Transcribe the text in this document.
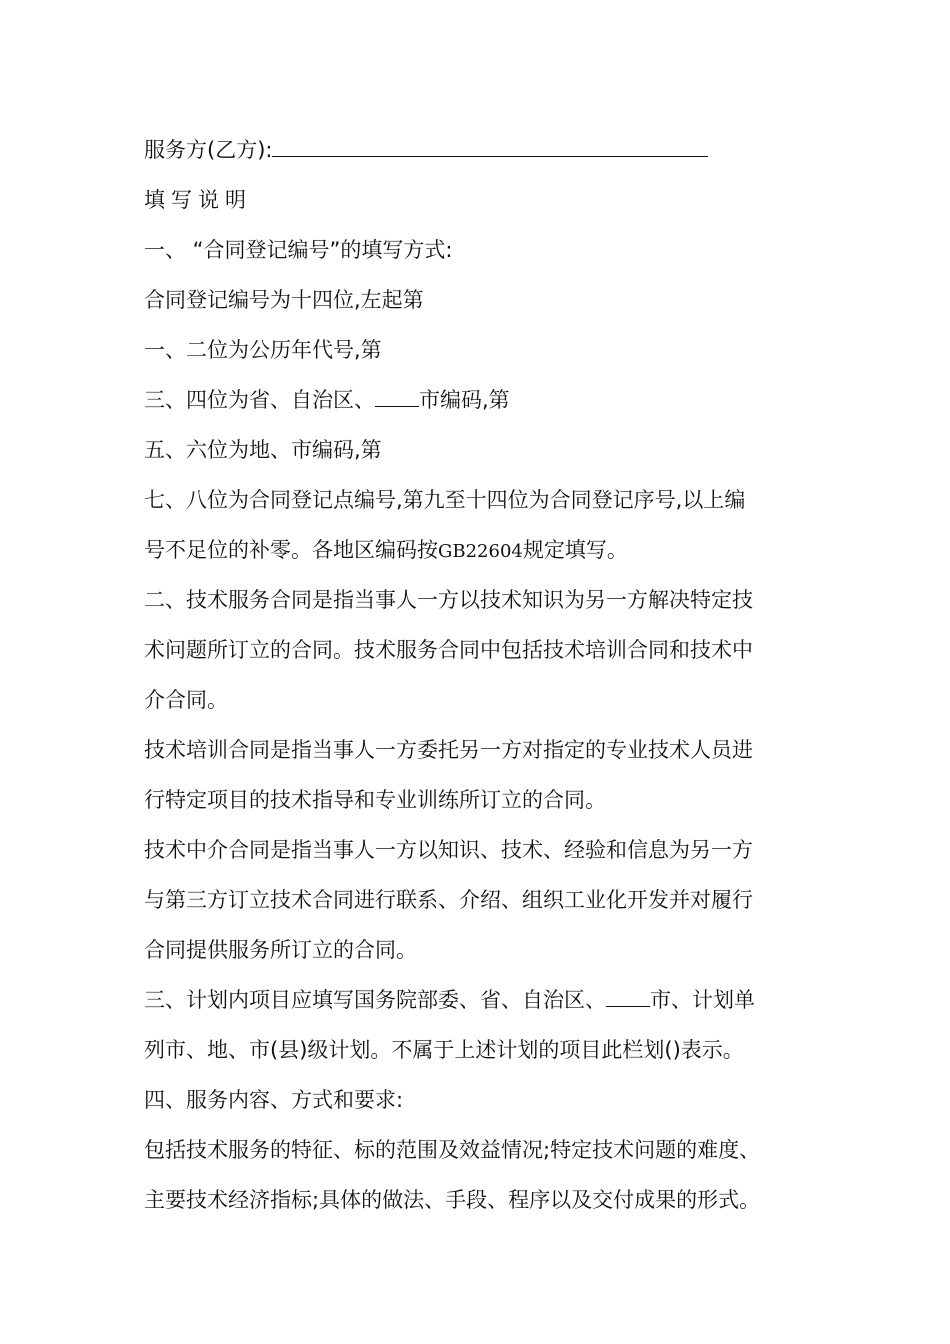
服务方(乙方):
填写说明
一、 “合同登记编号”的填写方式:
合同登记编号为十四位,左起第
一、二位为公历年代号,第
三、四位为省、自治区、 市编码,第
五、六位为地、市编码,第
七、八位为合同登记点编号,第九至十四位为合同登记序号,以上编
号不足位的补零。各地区编码按GB22604规定填写。
二、技术服务合同是指当事人一方以技术知识为另一方解决特定技
术问题所订立的合同。技术服务合同中包括技术培训合同和技术中
介合同。
技术培训合同是指当事人一方委托另一方对指定的专业技术人员进
行特定项目的技术指导和专业训练所订立的合同。
技术中介合同是指当事人一方以知识、技术、经验和信息为另一方
与第三方订立技术合同进行联系、介绍、组织工业化开发并对履行
合同提供服务所订立的合同。
三、计划内项目应填写国务院部委、省、自治区、 市、计划单
列市、地、市(县)级计划。不属于上述计划的项目此栏划()表示。
四、服务内容、方式和要求:
包括技术服务的特征、标的范围及效益情况;特定技术问题的难度、
主要技术经济指标;具体的做法、手段、程序以及交付成果的形式。
